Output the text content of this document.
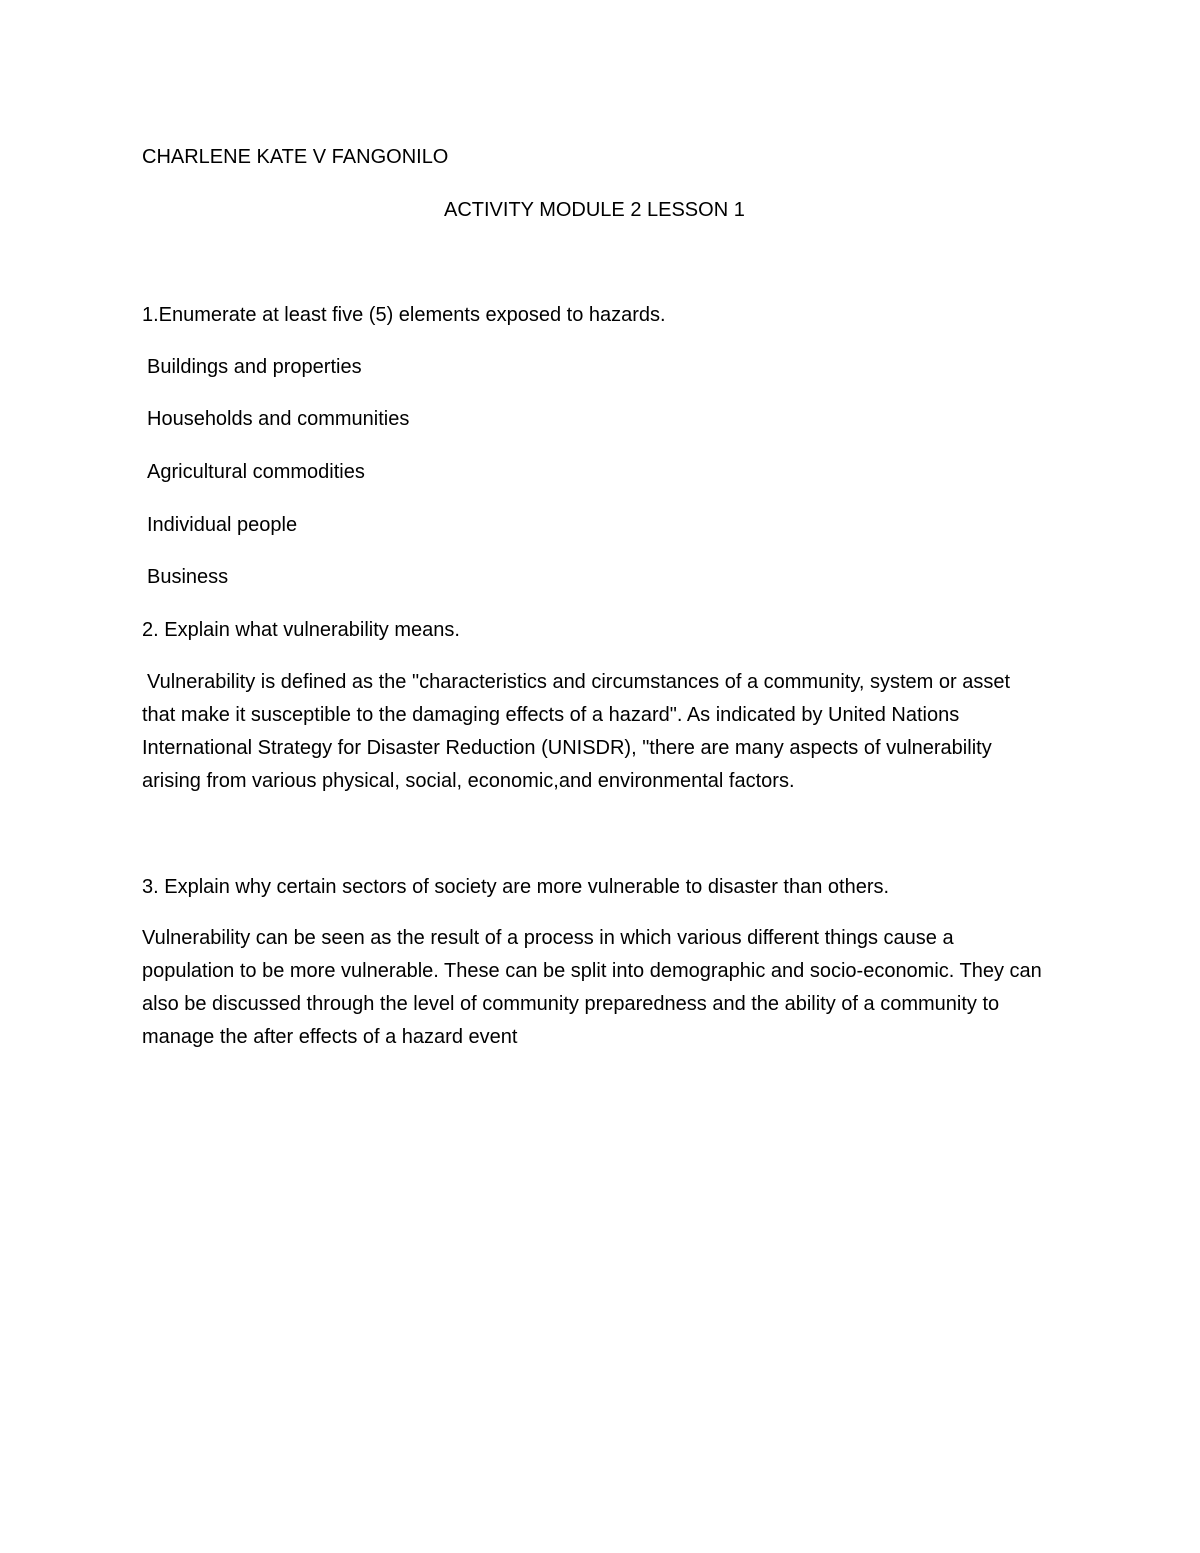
CHARLENE KATE V FANGONILO
ACTIVITY MODULE 2 LESSON 1
1.Enumerate at least five (5) elements exposed to hazards.
Buildings and properties
Households and communities
Agricultural commodities
Individual people
Business
2. Explain what vulnerability means.
Vulnerability is defined as the "characteristics and circumstances of a community, system or asset that make it susceptible to the damaging effects of a hazard". As indicated by United Nations International Strategy for Disaster Reduction (UNISDR), "there are many aspects of vulnerability arising from various physical, social, economic,and environmental factors.
3. Explain why certain sectors of society are more vulnerable to disaster than others.
Vulnerability can be seen as the result of a process in which various different things cause a population to be more vulnerable. These can be split into demographic and socio-economic. They can also be discussed through the level of community preparedness and the ability of a community to manage the after effects of a hazard event
